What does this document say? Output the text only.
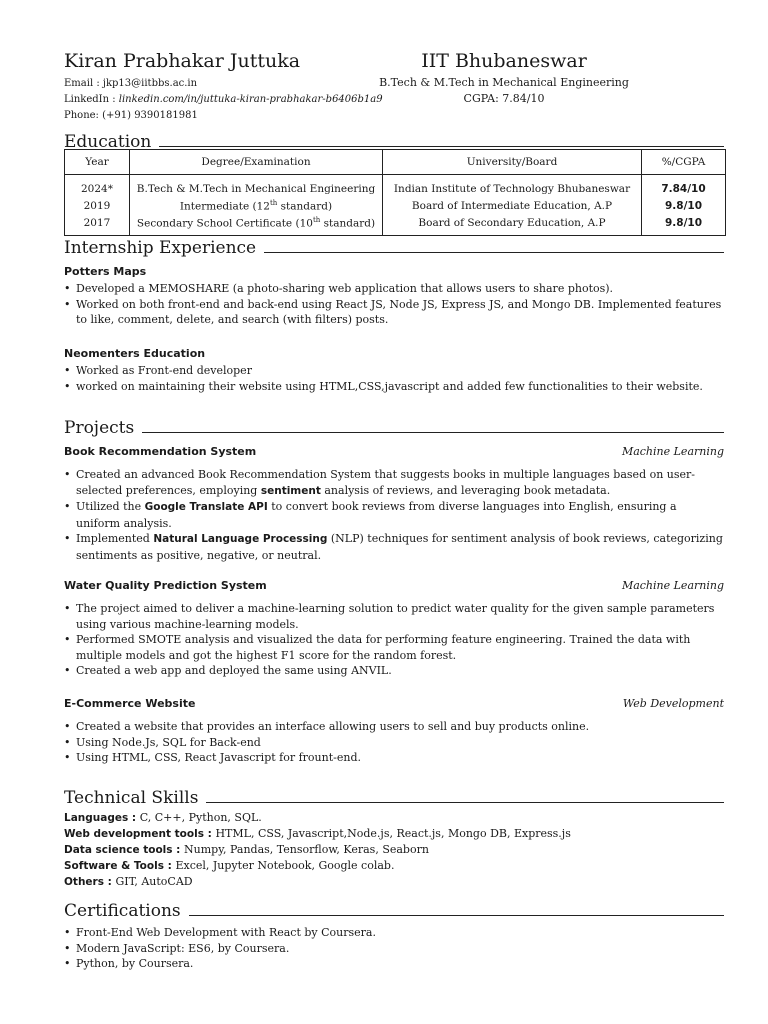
Kiran Prabhakar Juttuka
Email : jkp13@iitbbs.ac.in
LinkedIn : linkedin.com/in/juttuka-kiran-prabhakar-b6406b1a9
Phone: (+91) 9390181981
IIT Bhubaneswar
B.Tech & M.Tech in Mechanical Engineering
CGPA: 7.84/10
Education
Year	Degree/Examination	University/Board	%/CGPA
2024*	B.Tech & M.Tech in Mechanical Engineering	Indian Institute of Technology Bhubaneswar	7.84/10
2019	Intermediate (12th standard)	Board of Intermediate Education, A.P	9.8/10
2017	Secondary School Certificate (10th standard)	Board of Secondary Education, A.P	9.8/10
Internship Experience
Potters Maps
• Developed a MEMOSHARE (a photo-sharing web application that allows users to share photos).
• Worked on both front-end and back-end using React JS, Node JS, Express JS, and Mongo DB. Implemented features to like, comment, delete, and search (with filters) posts.
Neomenters Education
• Worked as Front-end developer
• worked on maintaining their website using HTML,CSS,javascript and added few functionalities to their website.
Projects
Book Recommendation System	Machine Learning
• Created an advanced Book Recommendation System that suggests books in multiple languages based on user-selected preferences, employing sentiment analysis of reviews, and leveraging book metadata.
• Utilized the Google Translate API to convert book reviews from diverse languages into English, ensuring a uniform analysis.
• Implemented Natural Language Processing (NLP) techniques for sentiment analysis of book reviews, categorizing sentiments as positive, negative, or neutral.
Water Quality Prediction System	Machine Learning
• The project aimed to deliver a machine-learning solution to predict water quality for the given sample parameters using various machine-learning models.
• Performed SMOTE analysis and visualized the data for performing feature engineering. Trained the data with multiple models and got the highest F1 score for the random forest.
• Created a web app and deployed the same using ANVIL.
E-Commerce Website	Web Development
• Created a website that provides an interface allowing users to sell and buy products online.
• Using Node.Js, SQL for Back-end
• Using HTML, CSS, React Javascript for frount-end.
Technical Skills
Languages : C, C++, Python, SQL.
Web development tools : HTML, CSS, Javascript,Node.js, React.js, Mongo DB, Express.js
Data science tools : Numpy, Pandas, Tensorflow, Keras, Seaborn
Software & Tools : Excel, Jupyter Notebook, Google colab.
Others : GIT, AutoCAD
Certifications
• Front-End Web Development with React by Coursera.
• Modern JavaScript: ES6, by Coursera.
• Python, by Coursera.
